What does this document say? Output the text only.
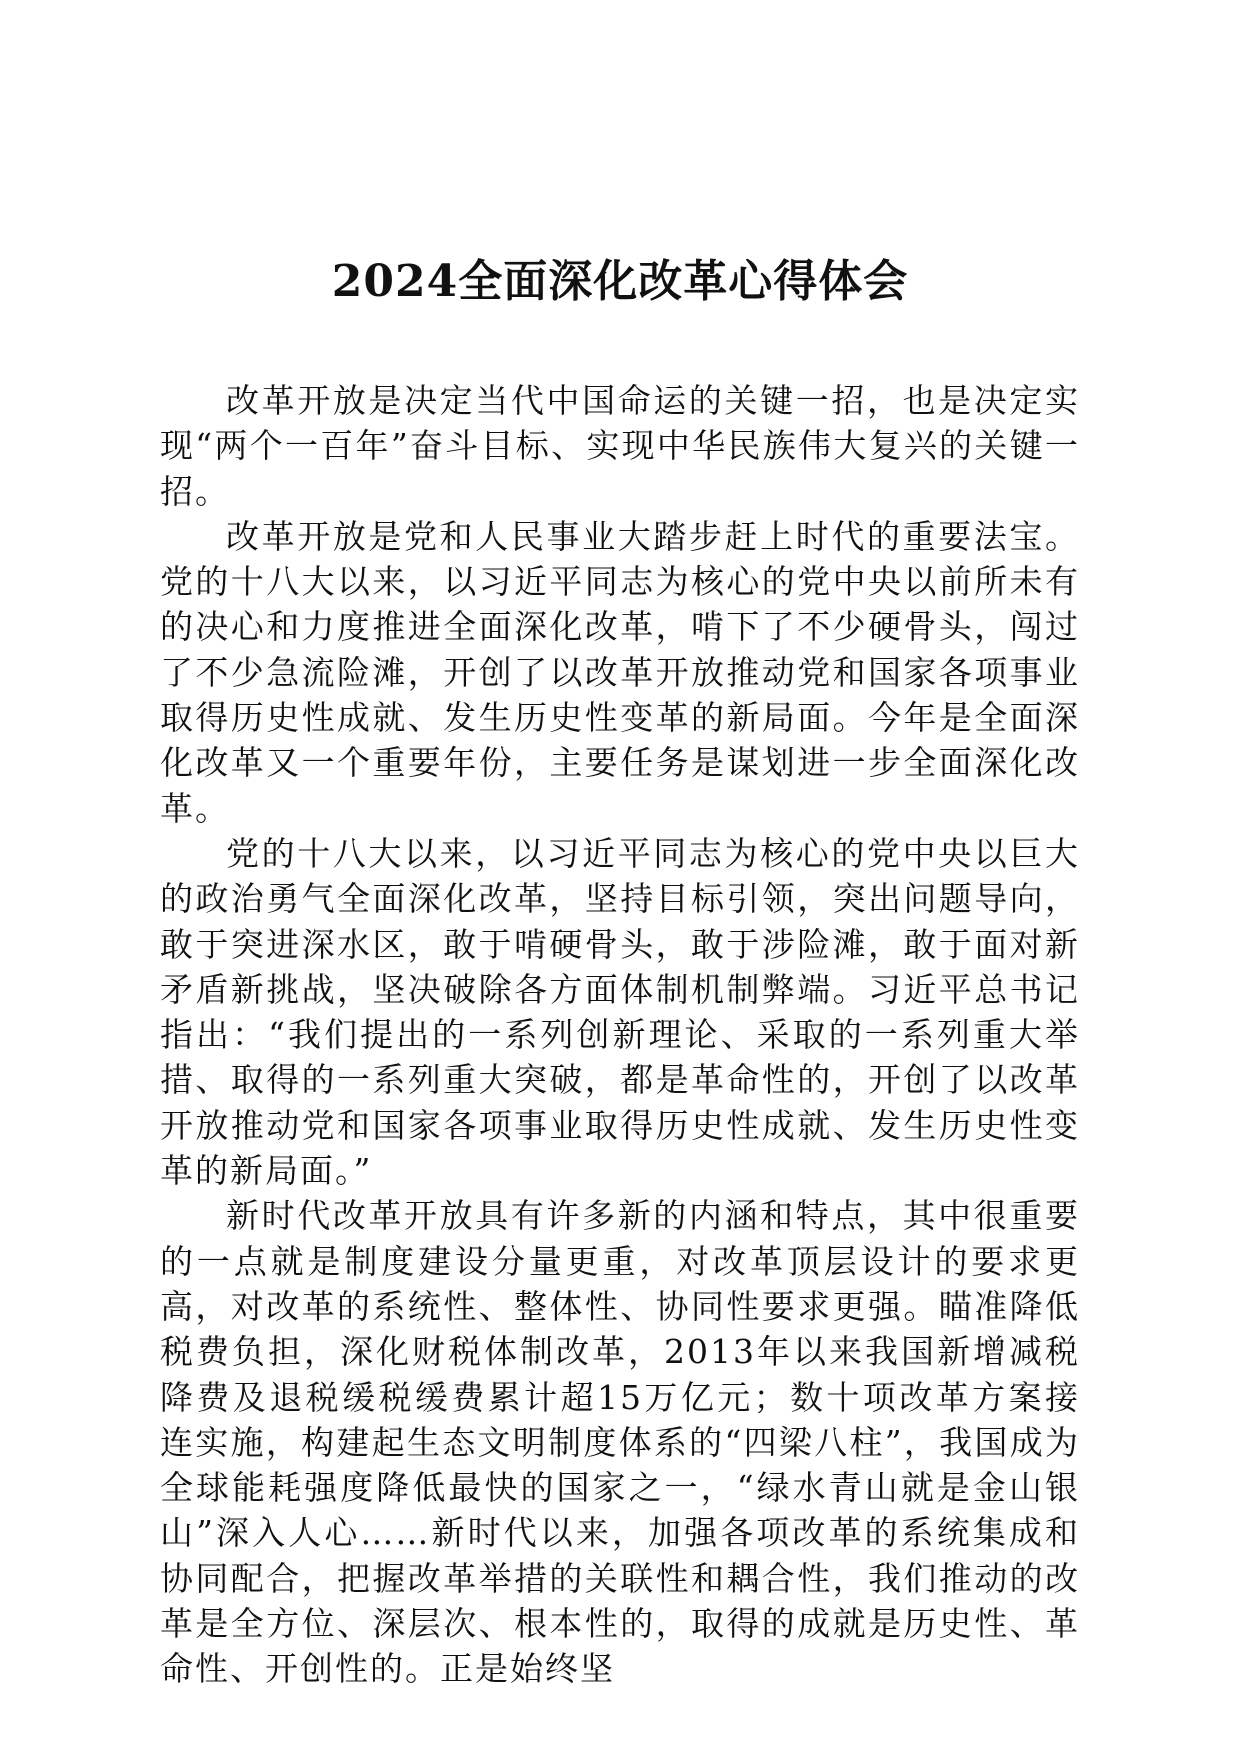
2024全面深化改革心得体会

改革开放是决定当代中国命运的关键一招，也是决定实现“两个一百年”奋斗目标、实现中华民族伟大复兴的关键一招。

改革开放是党和人民事业大踏步赶上时代的重要法宝。党的十八大以来，以习近平同志为核心的党中央以前所未有的决心和力度推进全面深化改革，啃下了不少硬骨头，闯过了不少急流险滩，开创了以改革开放推动党和国家各项事业取得历史性成就、发生历史性变革的新局面。今年是全面深化改革又一个重要年份，主要任务是谋划进一步全面深化改革。

党的十八大以来，以习近平同志为核心的党中央以巨大的政治勇气全面深化改革，坚持目标引领，突出问题导向，敢于突进深水区，敢于啃硬骨头，敢于涉险滩，敢于面对新矛盾新挑战，坚决破除各方面体制机制弊端。习近平总书记指出：“我们提出的一系列创新理论、采取的一系列重大举措、取得的一系列重大突破，都是革命性的，开创了以改革开放推动党和国家各项事业取得历史性成就、发生历史性变革的新局面。”

新时代改革开放具有许多新的内涵和特点，其中很重要的一点就是制度建设分量更重，对改革顶层设计的要求更高，对改革的系统性、整体性、协同性要求更强。瞄准降低税费负担，深化财税体制改革，2013年以来我国新增减税降费及退税缓税缓费累计超15万亿元；数十项改革方案接连实施，构建起生态文明制度体系的“四梁八柱”，我国成为全球能耗强度降低最快的国家之一，“绿水青山就是金山银山”深入人心……新时代以来，加强各项改革的系统集成和协同配合，把握改革举措的关联性和耦合性，我们推动的改革是全方位、深层次、根本性的，取得的成就是历史性、革命性、开创性的。正是始终坚
